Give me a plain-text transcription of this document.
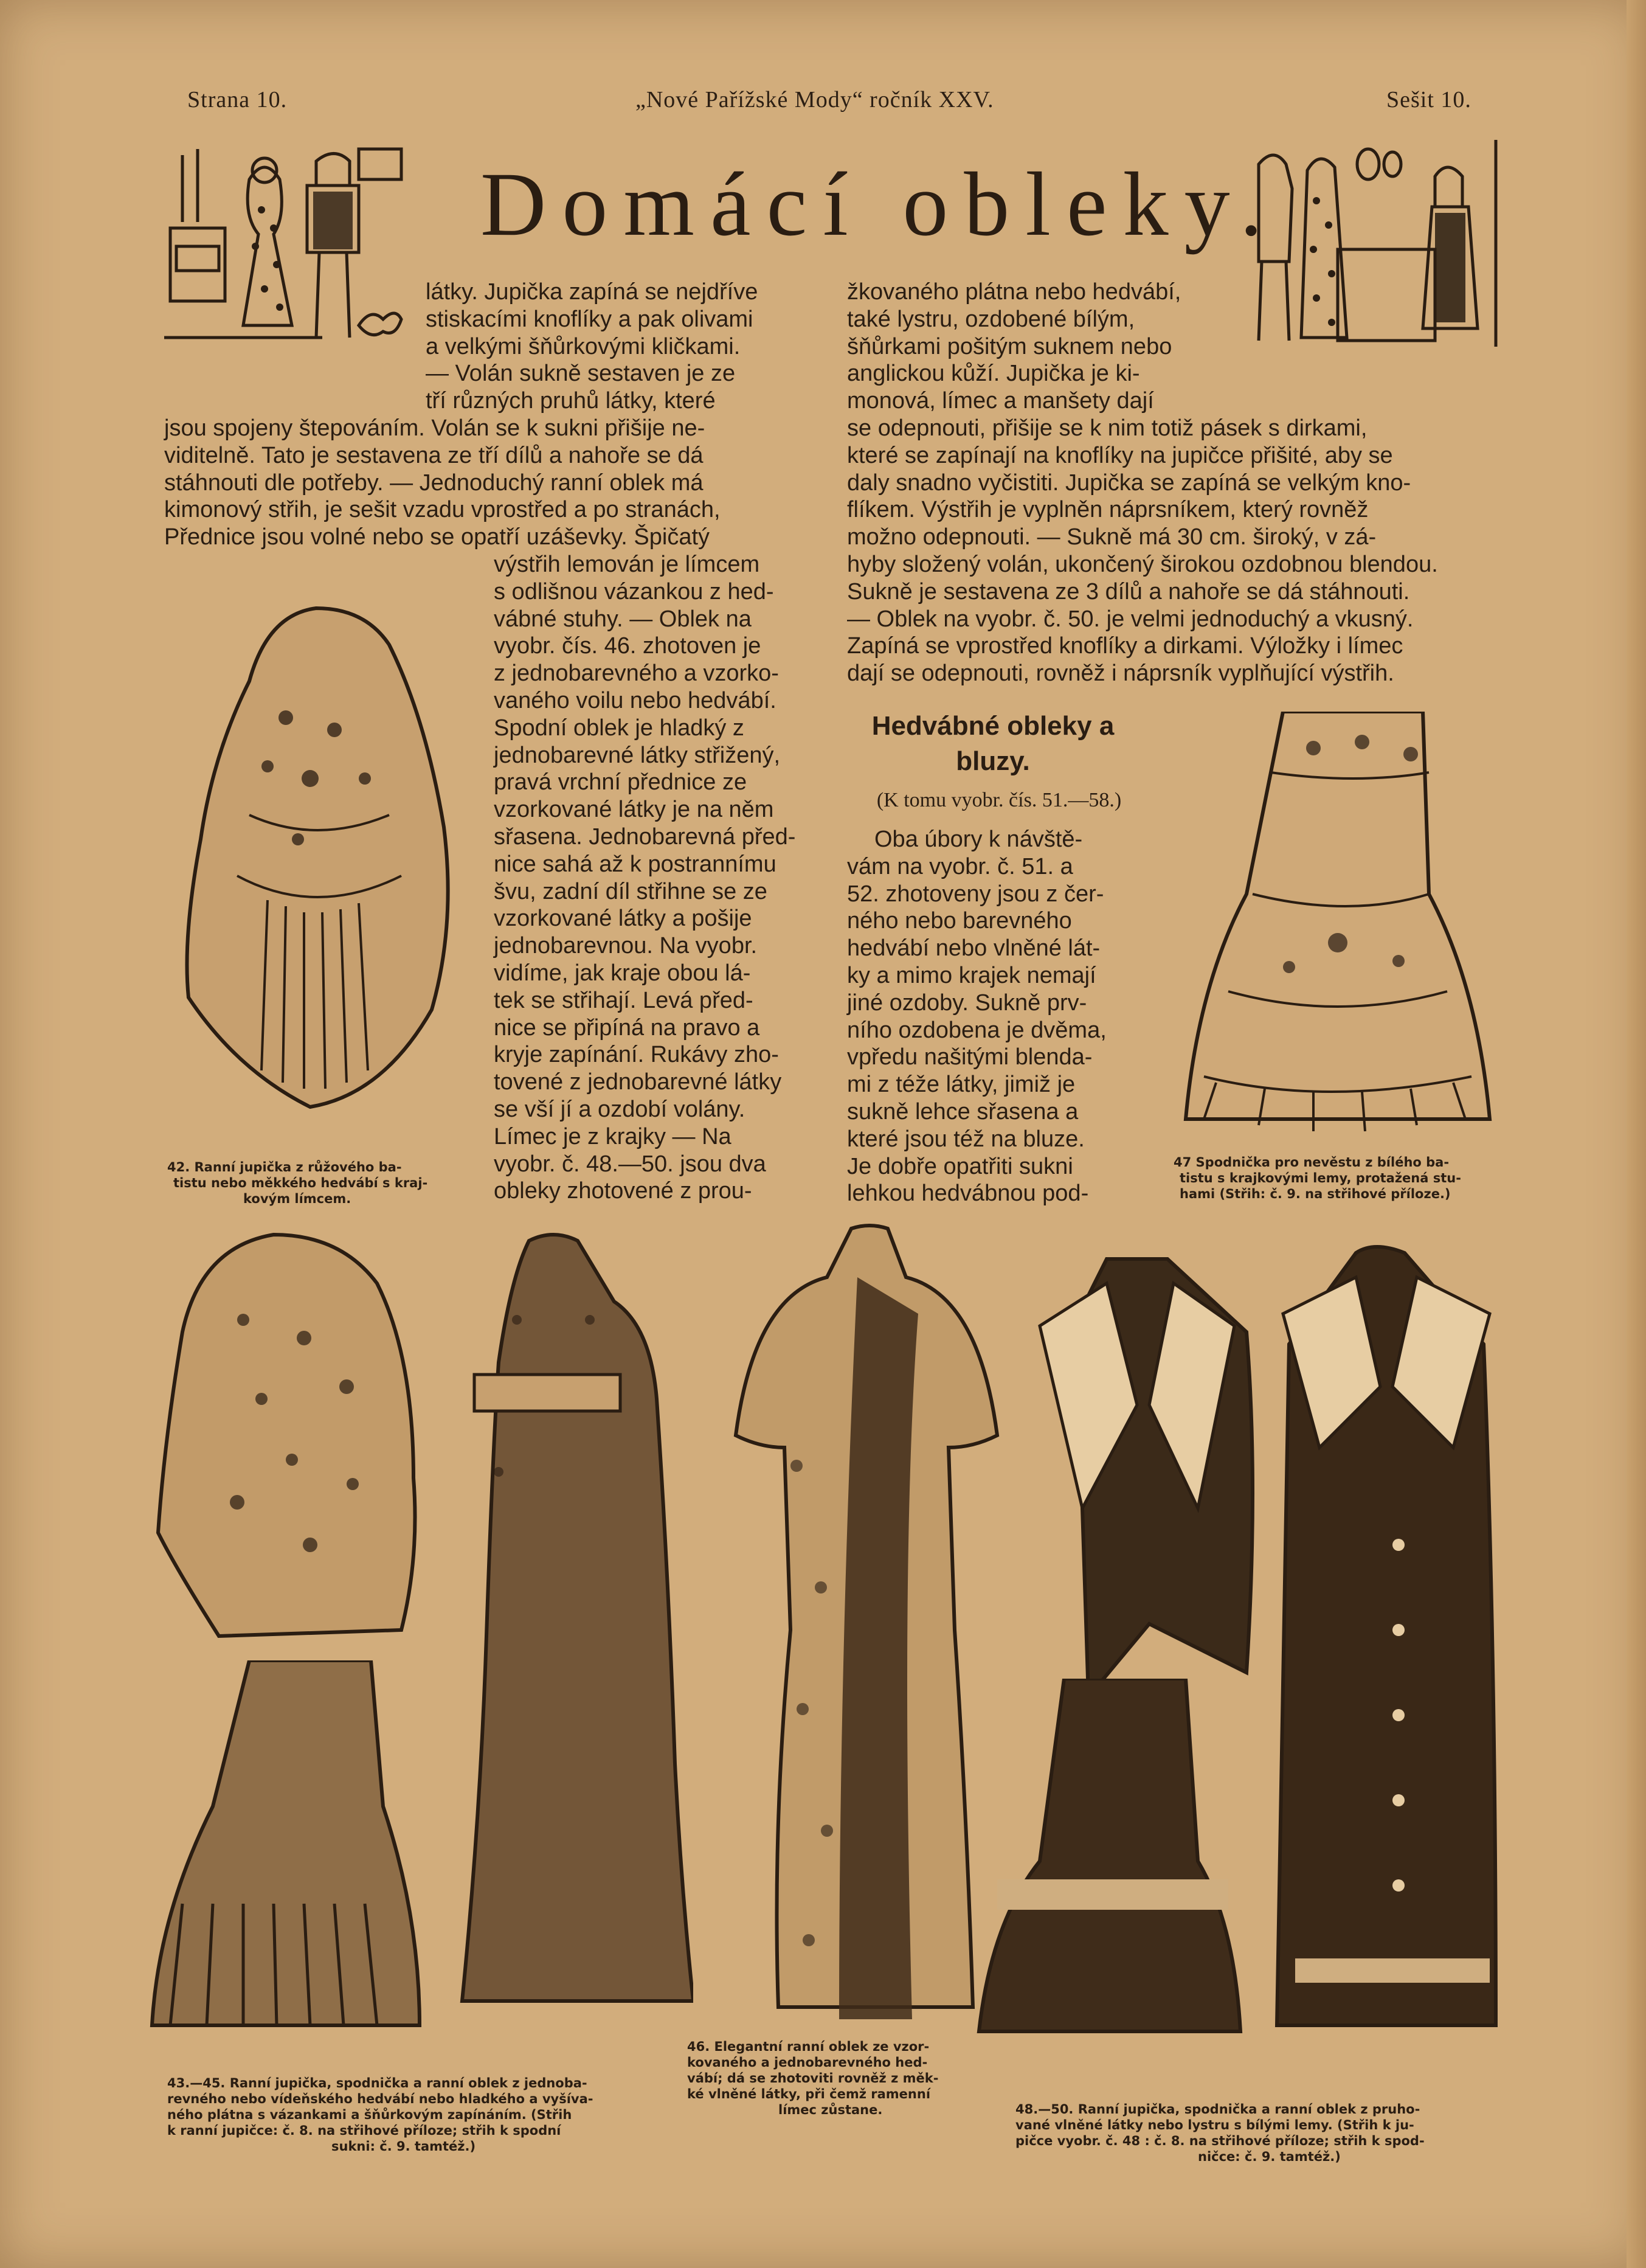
Strana 10.	„Nové Pařížské Mody“ ročník XXV.	Sešit 10.
Domácí obleky.
látky. Jupička zapíná se nejdříve
stiskacími knoflíky a pak olivami
a velkými šňůrkovými kličkami.
— Volán sukně sestaven je ze
tří různých pruhů látky, které
jsou spojeny štepováním. Volán se k sukni přišije ne-
viditelně. Tato je sestavena ze tří dílů a nahoře se dá
stáhnouti dle potřeby. — Jednoduchý ranní oblek má
kimonový střih, je sešit vzadu vprostřed a po stranách,
Přednice jsou volné nebo se opatří uzáševky. Špičatý
výstřih lemován je límcem
s odlišnou vázankou z hed-
vábné stuhy. — Oblek na
vyobr. čís. 46. zhotoven je
z jednobarevného a vzorko-
vaného voilu nebo hedvábí.
Spodní oblek je hladký z
jednobarevné látky střižený,
pravá vrchní přednice ze
vzorkované látky je na něm
sřasena. Jednobarevná před-
nice sahá až k postrannímu
švu, zadní díl střihne se ze
vzorkované látky a pošije
jednobarevnou. Na vyobr.
vidíme, jak kraje obou lá-
tek se střihají. Levá před-
nice se připíná na pravo a
kryje zapínání. Rukávy zho-
tovené z jednobarevné látky
se vší jí a ozdobí volány.
Límec je z krajky — Na
vyobr. č. 48.—50. jsou dva
obleky zhotovené z prou-
žkovaného plátna nebo hedvábí,
také lystru, ozdobené bílým,
šňůrkami pošitým suknem nebo
anglickou kůží. Jupička je ki-
monová, límec a manšety dají
se odepnouti, přišije se k nim totiž pásek s dirkami,
které se zapínají na knoflíky na jupičce přišité, aby se
daly snadno vyčistiti. Jupička se zapíná se velkým kno-
flíkem. Výstřih je vyplněn náprsníkem, který rovněž
možno odepnouti. — Sukně má 30 cm. široký, v zá-
hyby složený volán, ukončený širokou ozdobnou blendou.
Sukně je sestavena ze 3 dílů a nahoře se dá stáhnouti.
— Oblek na vyobr. č. 50. je velmi jednoduchý a vkusný.
Zapíná se vprostřed knoflíky a dirkami. Výložky i límec
dají se odepnouti, rovněž i náprsník vyplňující výstřih.
Hedvábné obleky a
bluzy.
(K tomu vyobr. čís. 51.—58.)
Oba úbory k návště-
vám na vyobr. č. 51. a
52. zhotoveny jsou z čer-
ného nebo barevného
hedvábí nebo vlněné lát-
ky a mimo krajek nemají
jiné ozdoby. Sukně prv-
ního ozdobena je dvěma,
vpředu našitými blenda-
mi z téže látky, jimiž je
sukně lehce sřasena a
které jsou též na bluze.
Je dobře opatřiti sukni
lehkou hedvábnou pod-
42. Ranní jupička z růžového ba-
tistu nebo měkkého hedvábí s kraj-
kovým límcem.
47 Spodnička pro nevěstu z bílého ba-
tistu s krajkovými lemy, protažená stu-
hami (Střih: č. 9. na střihové příloze.)
43.—45. Ranní jupička, spodnička a ranní oblek z jednoba-
revného nebo vídeňského hedvábí nebo hladkého a vyšíva-
ného plátna s vázankami a šňůrkovým zapínáním. (Střih
k ranní jupičce: č. 8. na střihové příloze; střih k spodní
sukni: č. 9. tamtéž.)
46. Elegantní ranní oblek ze vzor-
kovaného a jednobarevného hed-
vábí; dá se zhotoviti rovněž z měk-
ké vlněné látky, při čemž ramenní
límec zůstane.	48.—50. Ranní jupička, spodnička a ranní oblek z pruho-
vané vlněné látky nebo lystru s bílými lemy. (Střih k ju-
pičce vyobr. č. 48 : č. 8. na střihové příloze; střih k spod-
ničce: č. 9. tamtéž.)
